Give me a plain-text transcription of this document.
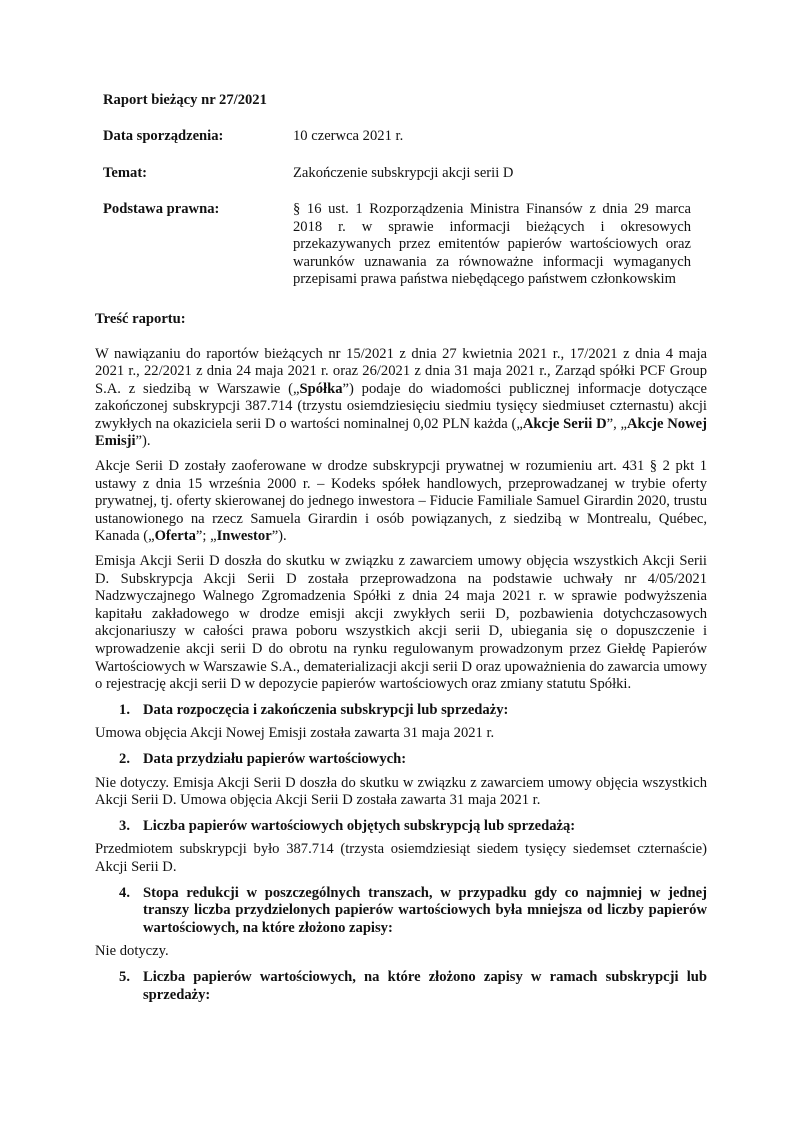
Raport bieżący nr 27/2021
Data sporządzenia:	10 czerwca 2021 r.
Temat:	Zakończenie subskrypcji akcji serii D
Podstawa prawna:	§ 16 ust. 1 Rozporządzenia Ministra Finansów z dnia 29 marca 2018 r. w sprawie informacji bieżących i okresowych przekazywanych przez emitentów papierów wartościowych oraz warunków uznawania za równoważne informacji wymaganych przepisami prawa państwa niebędącego państwem członkowskim
Treść raportu:

W nawiązaniu do raportów bieżących nr 15/2021 z dnia 27 kwietnia 2021 r., 17/2021 z dnia 4 maja 2021 r., 22/2021 z dnia 24 maja 2021 r. oraz 26/2021 z dnia 31 maja 2021 r., Zarząd spółki PCF Group S.A. z siedzibą w Warszawie („Spółka”) podaje do wiadomości publicznej informacje dotyczące zakończonej subskrypcji 387.714 (trzystu osiemdziesięciu siedmiu tysięcy siedmiuset czternastu) akcji zwykłych na okaziciela serii D o wartości nominalnej 0,02 PLN każda („Akcje Serii D”, „Akcje Nowej Emisji”).

Akcje Serii D zostały zaoferowane w drodze subskrypcji prywatnej w rozumieniu art. 431 § 2 pkt 1 ustawy z dnia 15 września 2000 r. – Kodeks spółek handlowych, przeprowadzanej w trybie oferty prywatnej, tj. oferty skierowanej do jednego inwestora – Fiducie Familiale Samuel Girardin 2020, trustu ustanowionego na rzecz Samuela Girardin i osób powiązanych, z siedzibą w Montrealu, Québec, Kanada („Oferta”; „Inwestor”).

Emisja Akcji Serii D doszła do skutku w związku z zawarciem umowy objęcia wszystkich Akcji Serii D. Subskrypcja Akcji Serii D została przeprowadzona na podstawie uchwały nr 4/05/2021 Nadzwyczajnego Walnego Zgromadzenia Spółki z dnia 24 maja 2021 r. w sprawie podwyższenia kapitału zakładowego w drodze emisji akcji zwykłych serii D, pozbawienia dotychczasowych akcjonariuszy w całości prawa poboru wszystkich akcji serii D, ubiegania się o dopuszczenie i wprowadzenie akcji serii D do obrotu na rynku regulowanym prowadzonym przez Giełdę Papierów Wartościowych w Warszawie S.A., dematerializacji akcji serii D oraz upoważnienia do zawarcia umowy o rejestrację akcji serii D w depozycie papierów wartościowych oraz zmiany statutu Spółki.

1. Data rozpoczęcia i zakończenia subskrypcji lub sprzedaży:

Umowa objęcia Akcji Nowej Emisji została zawarta 31 maja 2021 r.

2. Data przydziału papierów wartościowych:

Nie dotyczy. Emisja Akcji Serii D doszła do skutku w związku z zawarciem umowy objęcia wszystkich Akcji Serii D. Umowa objęcia Akcji Serii D została zawarta 31 maja 2021 r.

3. Liczba papierów wartościowych objętych subskrypcją lub sprzedażą:

Przedmiotem subskrypcji było 387.714 (trzysta osiemdziesiąt siedem tysięcy siedemset czternaście) Akcji Serii D.

4. Stopa redukcji w poszczególnych transzach, w przypadku gdy co najmniej w jednej transzy liczba przydzielonych papierów wartościowych była mniejsza od liczby papierów wartościowych, na które złożono zapisy:

Nie dotyczy.

5. Liczba papierów wartościowych, na które złożono zapisy w ramach subskrypcji lub sprzedaży:
